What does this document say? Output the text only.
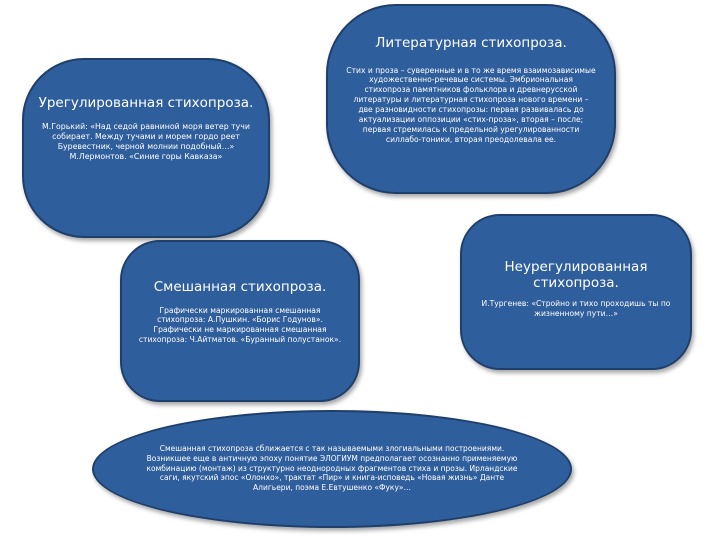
Литературная стихопроза.
Стих и проза – суверенные и в то же время взаимозависимые художественно-речевые системы. Эмбриональная стихопроза памятников фольклора и древнерусской литературы и литературная стихопроза нового времени – две разновидности стихопрозы: первая развивалась до актуализации оппозиции «стих-проза», вторая – после; первая стремилась к предельной урегулированности силлабо-тоники, вторая преодолевала ее.
Урегулированная стихопроза.
М.Горький: «Над седой равниной моря ветер тучи собирает. Между тучами и морем гордо реет Буревестник, черной молнии подобный…» М.Лермонтов. «Синие горы Кавказа»
Смешанная стихопроза.
Графически маркированная смешанная стихопроза: А.Пушкин. «Борис Годунов». Графически не маркированная смешанная стихопроза: Ч.Айтматов. «Буранный полустанок».
Неурегулированная стихопроза.
И.Тургенев: «Стройно и тихо проходишь ты по жизненному пути…»
Смешанная стихопроза сближается с так называемыми злогиальными построениями. Возникшее еще в античную эпоху понятие ЭЛОГИУМ предполагает осознанно применяемую комбинацию (монтаж) из структурно неоднородных фрагментов стиха и прозы. Ирландские саги, якутский эпос «Олонхо», трактат «Пир» и книга-исповедь «Новая жизнь» Данте Алигьери, поэма Е.Евтушенко «Фуку»…
